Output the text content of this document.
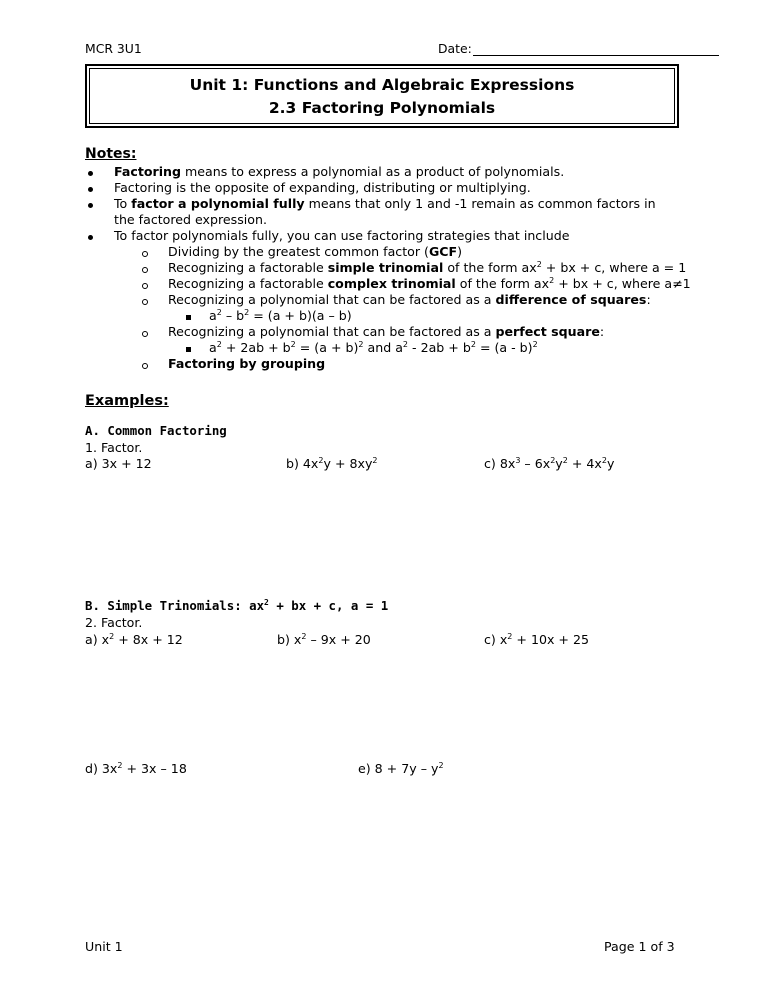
MCR 3U1	Date:
Unit 1: Functions and Algebraic Expressions
2.3 Factoring Polynomials
Notes:
Factoring means to express a polynomial as a product of polynomials.
Factoring is the opposite of expanding, distributing or multiplying.
To factor a polynomial fully means that only 1 and -1 remain as common factors in
the factored expression.
To factor polynomials fully, you can use factoring strategies that include
Dividing by the greatest common factor (GCF)
Recognizing a factorable simple trinomial of the form $ax^2$ + bx + c, where a = 1
Recognizing a factorable complex trinomial of the form $ax^2$ + bx + c, where a≠1
Recognizing a polynomial that can be factored as a difference of squares:
$a^2 - b^2 = (a + b)(a - b)$
Recognizing a polynomial that can be factored as a perfect square:
$a^2 + 2ab + b^2 = (a + b)^2$ and $a^2 - 2ab + b^2 = (a - b)^2$
Factoring by grouping
Examples:
A. Common Factoring
1. Factor.
a) 3x + 12	b) $4x^2y + 8xy^2$	c) $8x^3 - 6x^2y^2 + 4x^2y$
B. Simple Trinomials: $ax^2$ + bx + c, a = 1
2. Factor.
a) $x^2 + 8x + 12$	b) $x^2 - 9x + 20$	c) $x^2 + 10x + 25$
d) $3x^2 + 3x - 18$	e) $8 + 7y - y^2$
Unit 1	Page 1 of 3
